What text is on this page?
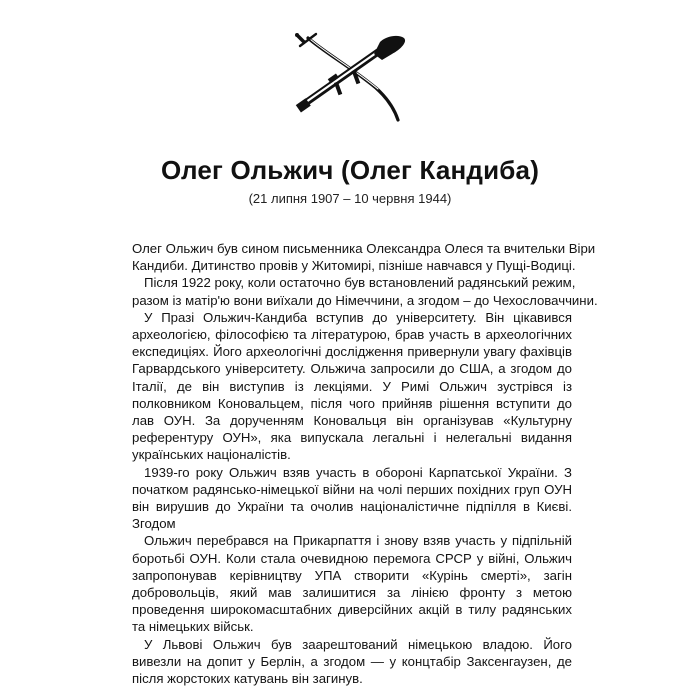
Олег Ольжич (Олег Кандиба)
(21 липня 1907 – 10 червня 1944)
Олег Ольжич був сином письменника Олександра Олеся та вчительки Віри
Кандиби. Дитинство провів у Житомирі, пізніше навчався у Пущі-Водиці.
Після 1922 року, коли остаточно був встановлений радянський режим,
разом із матір'ю вони виїхали до Німеччини, а згодом – до Чехословаччини.
У Празі Ольжич-Кандиба вступив до університету. Він цікавився археологією, філософією та літературою, брав участь в археологічних експедиціях. Його археологічні дослідження привернули увагу фахівців Гарвардського університету. Ольжича запросили до США, а згодом до Італії, де він виступив із лекціями. У Римі Ольжич зустрівся із полковником Коновальцем, після чого прийняв рішення вступити до лав ОУН. За дорученням Коновальця він організував «Культурну референтуру ОУН», яка випускала легальні і нелегальні видання українських націоналістів.
1939-го року Ольжич взяв участь в обороні Карпатської України. З початком радянсько-німецької війни на чолі перших похідних груп ОУН він вирушив до України та очолив націоналістичне підпілля в Києві. Згодом
Ольжич перебрався на Прикарпаття і знову взяв участь у підпільній боротьбі ОУН. Коли стала очевидною перемога СРСР у війні, Ольжич запропонував керівництву УПА створити «Курінь смерті», загін добровольців, який мав залишитися за лінією фронту з метою проведення широкомасштабних диверсійних акцій в тилу радянських та німецьких військ.
У Львові Ольжич був заарештований німецькою владою. Його вивезли на допит у Берлін, а згодом — у концтабір Заксенгаузен, де після жорстоких катувань він загинув.
